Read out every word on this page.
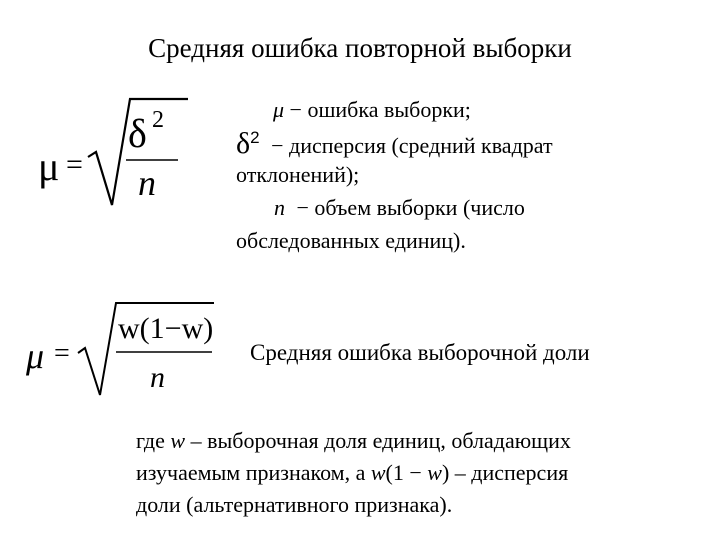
Средняя ошибка повторной выборки
μ =
δ 2
n
μ − ошибка выборки;
$\delta^2$ − дисперсия (средний квадрат
отклонений);
n − объем выборки (число
обследованных единиц).
μ =
w(1−w)
n
Средняя ошибка выборочной доли
где w – выборочная доля единиц, обладающих
изучаемым признаком, а w(1 − w) – дисперсия
доли (альтернативного признака).
